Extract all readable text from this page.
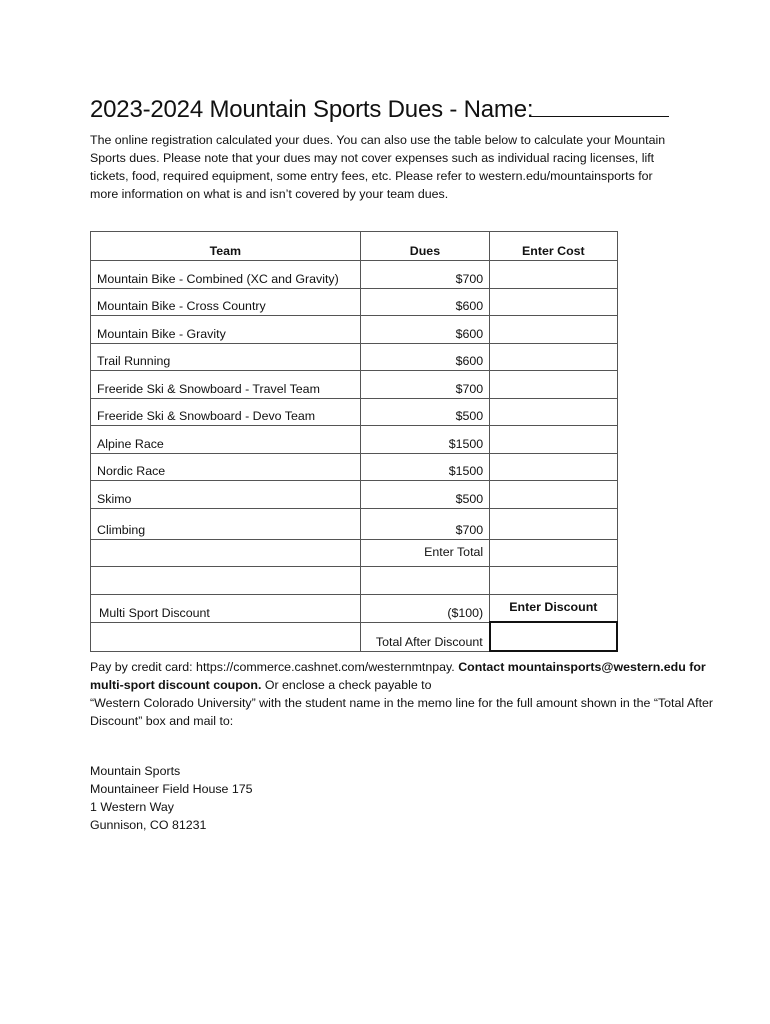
2023-2024 Mountain Sports Dues - Name:

The online registration calculated your dues. You can also use the table below to calculate your Mountain Sports dues. Please note that your dues may not cover expenses such as individual racing licenses, lift tickets, food, required equipment, some entry fees, etc. Please refer to western.edu/mountainsports for more information on what is and isn’t covered by your team dues.

Team	Dues	Enter Cost
Mountain Bike - Combined (XC and Gravity)	$700	
Mountain Bike - Cross Country	$600	
Mountain Bike - Gravity	$600	
Trail Running	$600	
Freeride Ski & Snowboard - Travel Team	$700	
Freeride Ski & Snowboard - Devo Team	$500	
Alpine Race	$1500	
Nordic Race	$1500	
Skimo	$500	
Climbing	$700	
	Enter Total	

Multi Sport Discount	($100)	Enter Discount
	Total After Discount	

Pay by credit card: https://commerce.cashnet.com/westernmtnpay. Contact mountainsports@western.edu for multi-sport discount coupon. Or enclose a check payable to
“Western Colorado University” with the student name in the memo line for the full amount shown in the “Total After Discount” box and mail to:

Mountain Sports
Mountaineer Field House 175
1 Western Way
Gunnison, CO 81231
